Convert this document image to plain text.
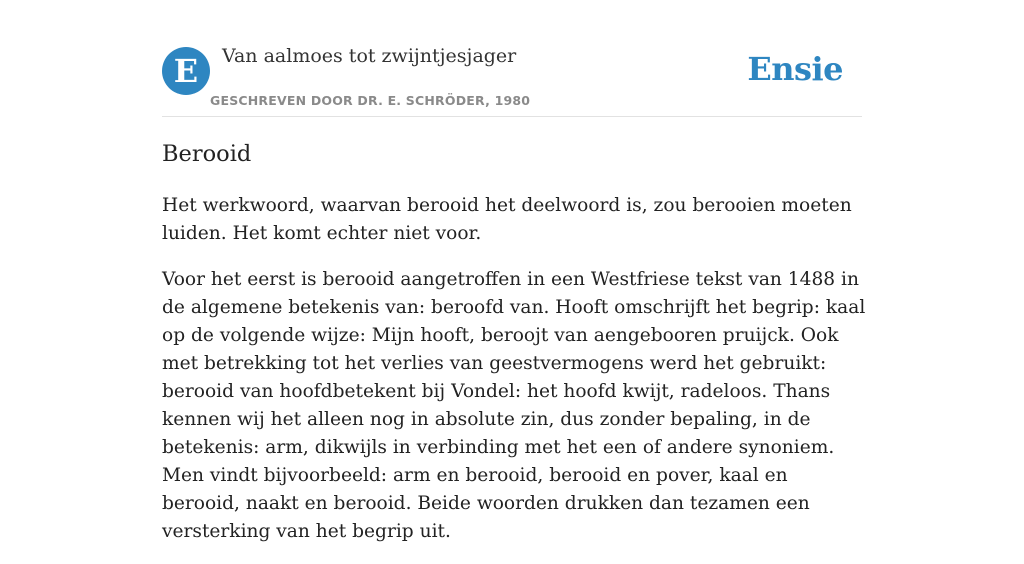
E	Van aalmoes tot zwijntjesjager
GESCHREVEN DOOR DR. E. SCHRÖDER, 1980
Ensie
Berooid

Het werkwoord, waarvan berooid het deelwoord is, zou berooien moeten luiden. Het komt echter niet voor.

Voor het eerst is berooid aangetroffen in een Westfriese tekst van 1488 in de algemene betekenis van: beroofd van. Hooft omschrijft het begrip: kaal op de volgende wijze: Mijn hooft, beroojt van aengebooren pruijck. Ook met betrekking tot het verlies van geestvermogens werd het gebruikt: berooid van hoofdbetekent bij Vondel: het hoofd kwijt, radeloos. Thans kennen wij het alleen nog in absolute zin, dus zonder bepaling, in de betekenis: arm, dikwijls in verbinding met het een of andere synoniem. Men vindt bijvoorbeeld: arm en berooid, berooid en pover, kaal en berooid, naakt en berooid. Beide woorden drukken dan tezamen een versterking van het begrip uit.
